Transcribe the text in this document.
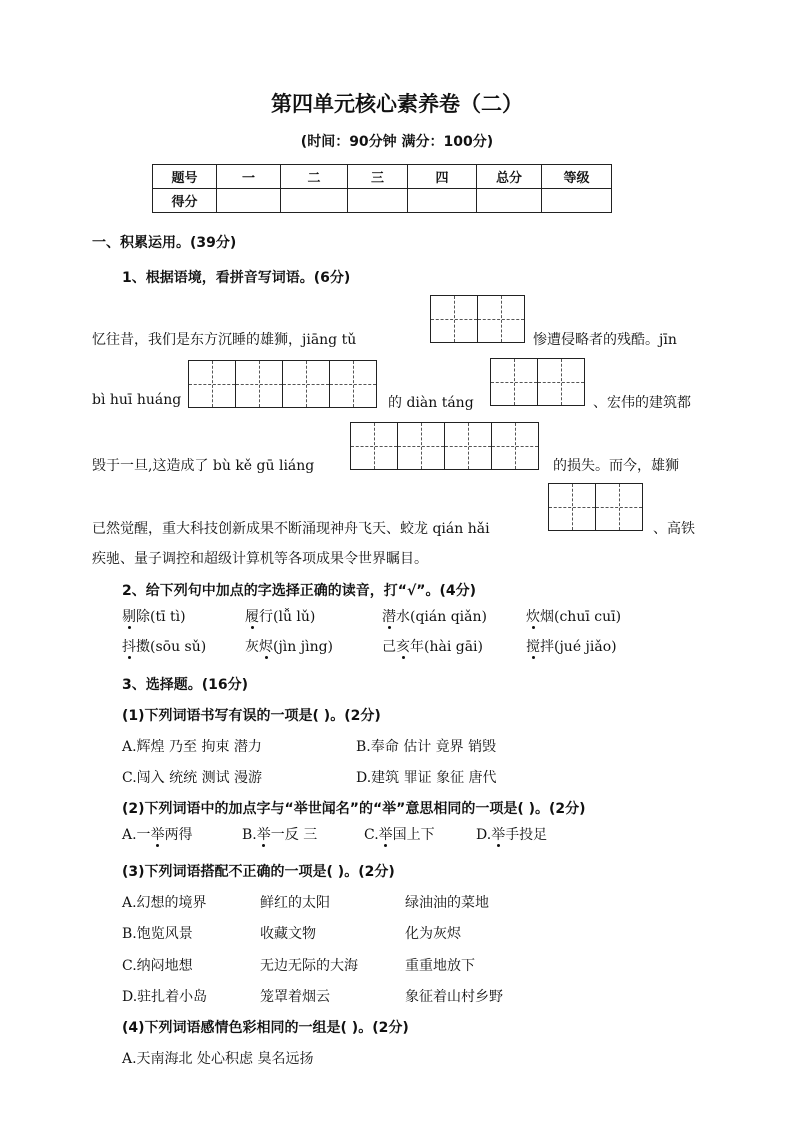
第四单元核心素养卷（二）
(时间：90分钟 满分：100分)
题号	一	二	三	四	总分	等级
得分						
一、积累运用。(39分)
1、根据语境，看拼音写词语。(6分)
忆往昔，我们是东方沉睡的雄狮，jiāng tǔ	惨遭侵略者的残酷。jīn
bì huī huáng	的 diàn táng	、宏伟的建筑都
毁于一旦,这造成了 bù kě gū liáng	的损失。而今，雄狮
已然觉醒，重大科技创新成果不断涌现神舟飞天、蛟龙 qián hǎi	、高铁
疾驰、量子调控和超级计算机等各项成果令世界瞩目。
2、给下列句中加点的字选择正确的读音，打“√”。(4分)
剔除(tī tì)	履行(lǚ lǔ)	潜水(qián qiǎn)	炊烟(chuī cuī)
抖擞(sōu sǔ)	灰烬(jìn jìng)	己亥年(hài gāi)	搅拌(jué jiǎo)
3、选择题。(16分)
(1)下列词语书写有误的一项是( )。(2分)
A.辉煌 乃至 拘束 潜力	B.奉命 估计 竟界 销毁
C.闯入 统统 测试 漫游	D.建筑 罪证 象征 唐代
(2)下列词语中的加点字与“举世闻名”的“举”意思相同的一项是( )。(2分)
A.一举两得	B.举一反 三	C.举国上下	D.举手投足
(3)下列词语搭配不正确的一项是( )。(2分)
A.幻想的境界	鲜红的太阳	绿油油的菜地
B.饱览风景	收藏文物	化为灰烬
C.纳闷地想	无边无际的大海	重重地放下
D.驻扎着小岛	笼罩着烟云	象征着山村乡野
(4)下列词语感情色彩相同的一组是( )。(2分)
A.天南海北 处心积虑 臭名远扬
